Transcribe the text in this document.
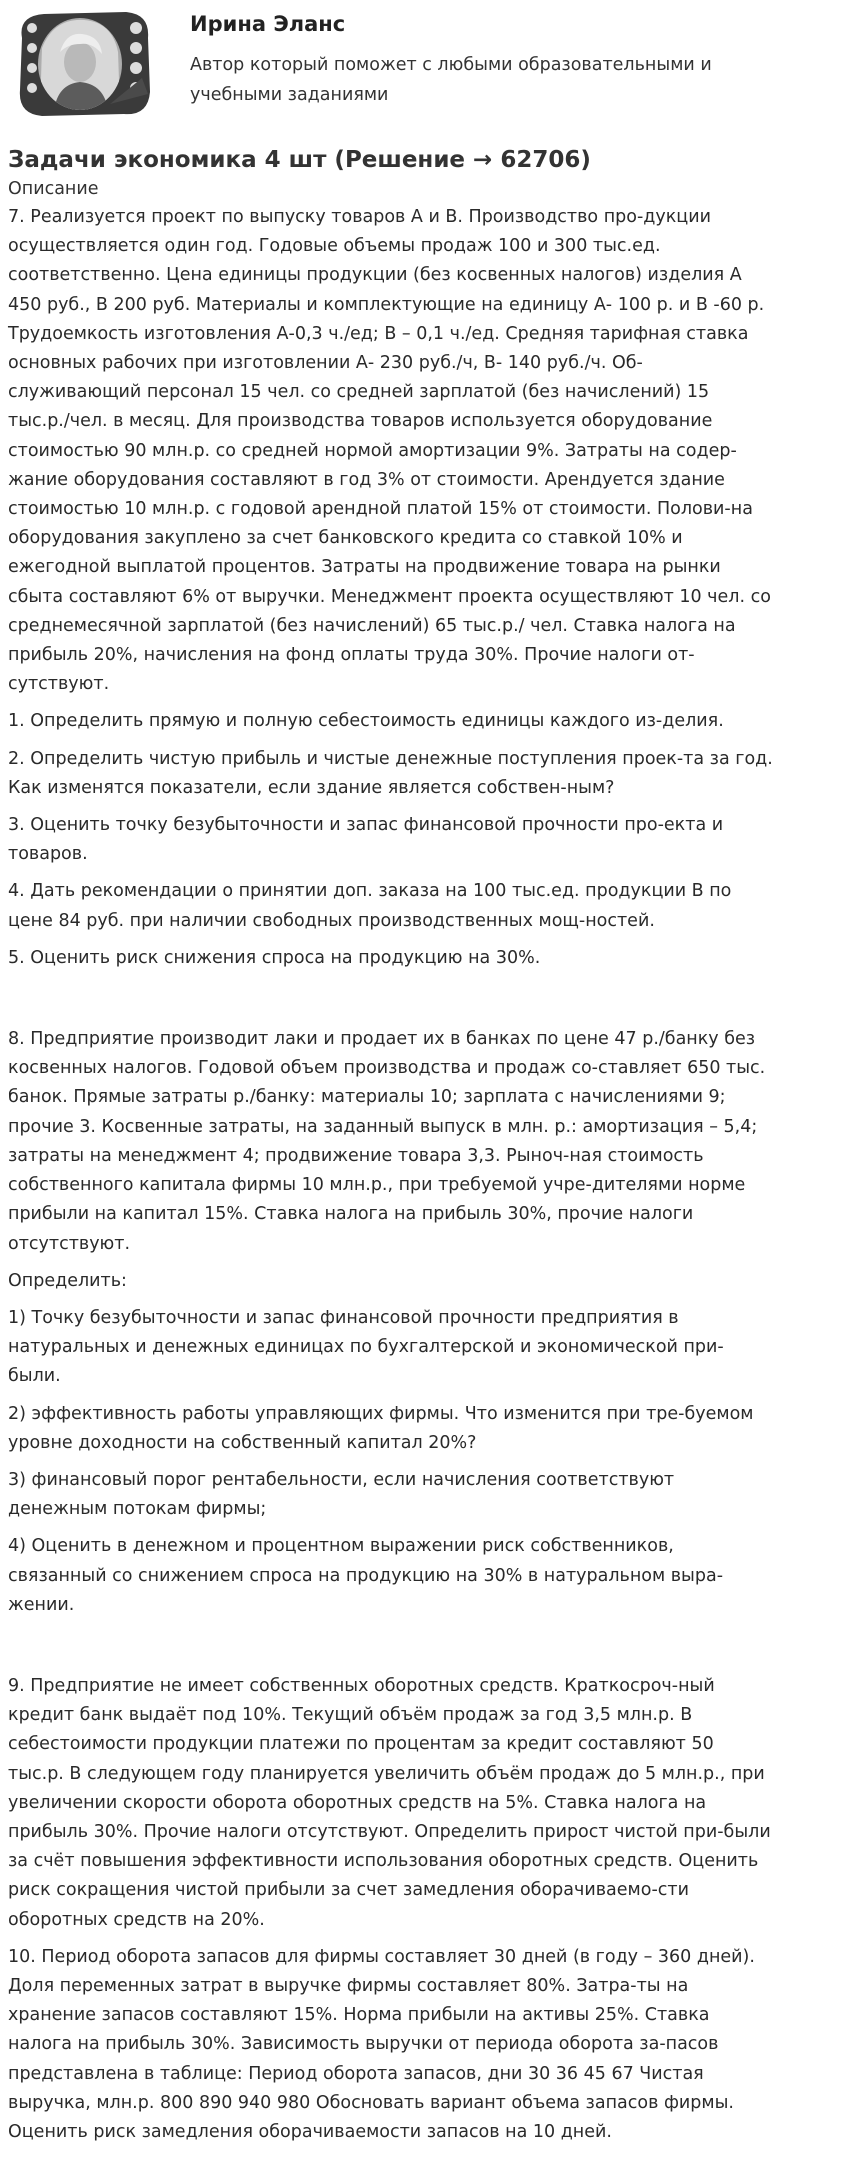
Ирина Эланс
Автор который поможет с любыми образовательными и
учебными заданиями
Задачи экономика 4 шт (Решение → 62706)
Описание
7. Реализуется проект по выпуску товаров А и В. Производство про-дукции
осуществляется один год. Годовые объемы продаж 100 и 300 тыс.ед.
соответственно. Цена единицы продукции (без косвенных налогов) изделия А
450 руб., В 200 руб. Материалы и комплектующие на единицу А- 100 р. и В -60 р.
Трудоемкость изготовления А-0,3 ч./ед; В – 0,1 ч./ед. Средняя тарифная ставка
основных рабочих при изготовлении А- 230 руб./ч, В- 140 руб./ч. Об-
служивающий персонал 15 чел. со средней зарплатой (без начислений) 15
тыс.р./чел. в месяц. Для производства товаров используется оборудование
стоимостью 90 млн.р. со средней нормой амортизации 9%. Затраты на содер-
жание оборудования составляют в год 3% от стоимости. Арендуется здание
стоимостью 10 млн.р. с годовой арендной платой 15% от стоимости. Полови-на
оборудования закуплено за счет банковского кредита со ставкой 10% и
ежегодной выплатой процентов. Затраты на продвижение товара на рынки
сбыта составляют 6% от выручки. Менеджмент проекта осуществляют 10 чел. со
среднемесячной зарплатой (без начислений) 65 тыс.р./ чел. Ставка налога на
прибыль 20%, начисления на фонд оплаты труда 30%. Прочие налоги от-
сутствуют.
1. Определить прямую и полную себестоимость единицы каждого из-делия.
2. Определить чистую прибыль и чистые денежные поступления проек-та за год.
Как изменятся показатели, если здание является собствен-ным?
3. Оценить точку безубыточности и запас финансовой прочности про-екта и
товаров.
4. Дать рекомендации о принятии доп. заказа на 100 тыс.ед. продукции В по
цене 84 руб. при наличии свободных производственных мощ-ностей.
5. Оценить риск снижения спроса на продукцию на 30%.
8. Предприятие производит лаки и продает их в банках по цене 47 р./банку без
косвенных налогов. Годовой объем производства и продаж со-ставляет 650 тыс.
банок. Прямые затраты р./банку: материалы 10; зарплата с начислениями 9;
прочие 3. Косвенные затраты, на заданный выпуск в млн. р.: амортизация – 5,4;
затраты на менеджмент 4; продвижение товара 3,3. Рыноч-ная стоимость
собственного капитала фирмы 10 млн.р., при требуемой учре-дителями норме
прибыли на капитал 15%. Ставка налога на прибыль 30%, прочие налоги
отсутствуют.
Определить:
1) Точку безубыточности и запас финансовой прочности предприятия в
натуральных и денежных единицах по бухгалтерской и экономической при-
были.
2) эффективность работы управляющих фирмы. Что изменится при тре-буемом
уровне доходности на собственный капитал 20%?
3) финансовый порог рентабельности, если начисления соответствуют
денежным потокам фирмы;
4) Оценить в денежном и процентном выражении риск собственников,
связанный со снижением спроса на продукцию на 30% в натуральном выра-
жении.
9. Предприятие не имеет собственных оборотных средств. Краткосроч-ный
кредит банк выдаёт под 10%. Текущий объём продаж за год 3,5 млн.р. В
себестоимости продукции платежи по процентам за кредит составляют 50
тыс.р. В следующем году планируется увеличить объём продаж до 5 млн.р., при
увеличении скорости оборота оборотных средств на 5%. Ставка налога на
прибыль 30%. Прочие налоги отсутствуют. Определить прирост чистой при-были
за счёт повышения эффективности использования оборотных средств. Оценить
риск сокращения чистой прибыли за счет замедления оборачиваемо-сти
оборотных средств на 20%.
10. Период оборота запасов для фирмы составляет 30 дней (в году – 360 дней).
Доля переменных затрат в выручке фирмы составляет 80%. Затра-ты на
хранение запасов составляют 15%. Норма прибыли на активы 25%. Ставка
налога на прибыль 30%. Зависимость выручки от периода оборота за-пасов
представлена в таблице: Период оборота запасов, дни 30 36 45 67 Чистая
выручка, млн.р. 800 890 940 980 Обосновать вариант объема запасов фирмы.
Оценить риск замедления оборачиваемости запасов на 10 дней.
